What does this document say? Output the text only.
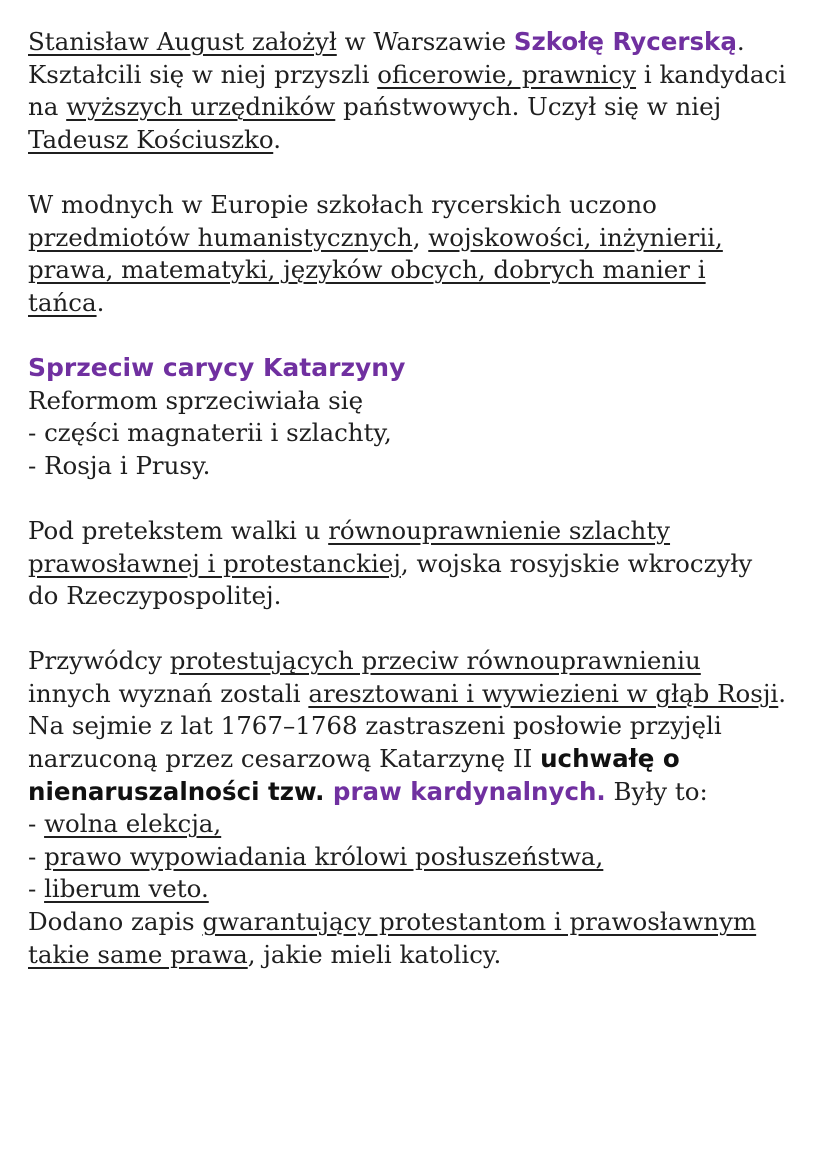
Stanisław August założył w Warszawie Szkołę Rycerską. Kształcili się w niej przyszli oficerowie, prawnicy i kandydaci na wyższych urzędników państwowych. Uczył się w niej Tadeusz Kościuszko.

W modnych w Europie szkołach rycerskich uczono przedmiotów humanistycznych, wojskowości, inżynierii, prawa, matematyki, języków obcych, dobrych manier i tańca.

Sprzeciw carycy Katarzyny

Reformom sprzeciwiała się

- części magnaterii i szlachty,

- Rosja i Prusy.

Pod pretekstem walki u równouprawnienie szlachty prawosławnej i protestanckiej, wojska rosyjskie wkroczyły do Rzeczypospolitej.

Przywódcy protestujących przeciw równouprawnieniu innych wyznań zostali aresztowani i wywiezieni w głąb Rosji.

Na sejmie z lat 1767–1768 zastraszeni posłowie przyjęli narzuconą przez cesarzową Katarzynę II uchwałę o nienaruszalności tzw. praw kardynalnych. Były to:

- wolna elekcja,

- prawo wypowiadania królowi posłuszeństwa,

- liberum veto.

Dodano zapis gwarantujący protestantom i prawosławnym takie same prawa, jakie mieli katolicy.
